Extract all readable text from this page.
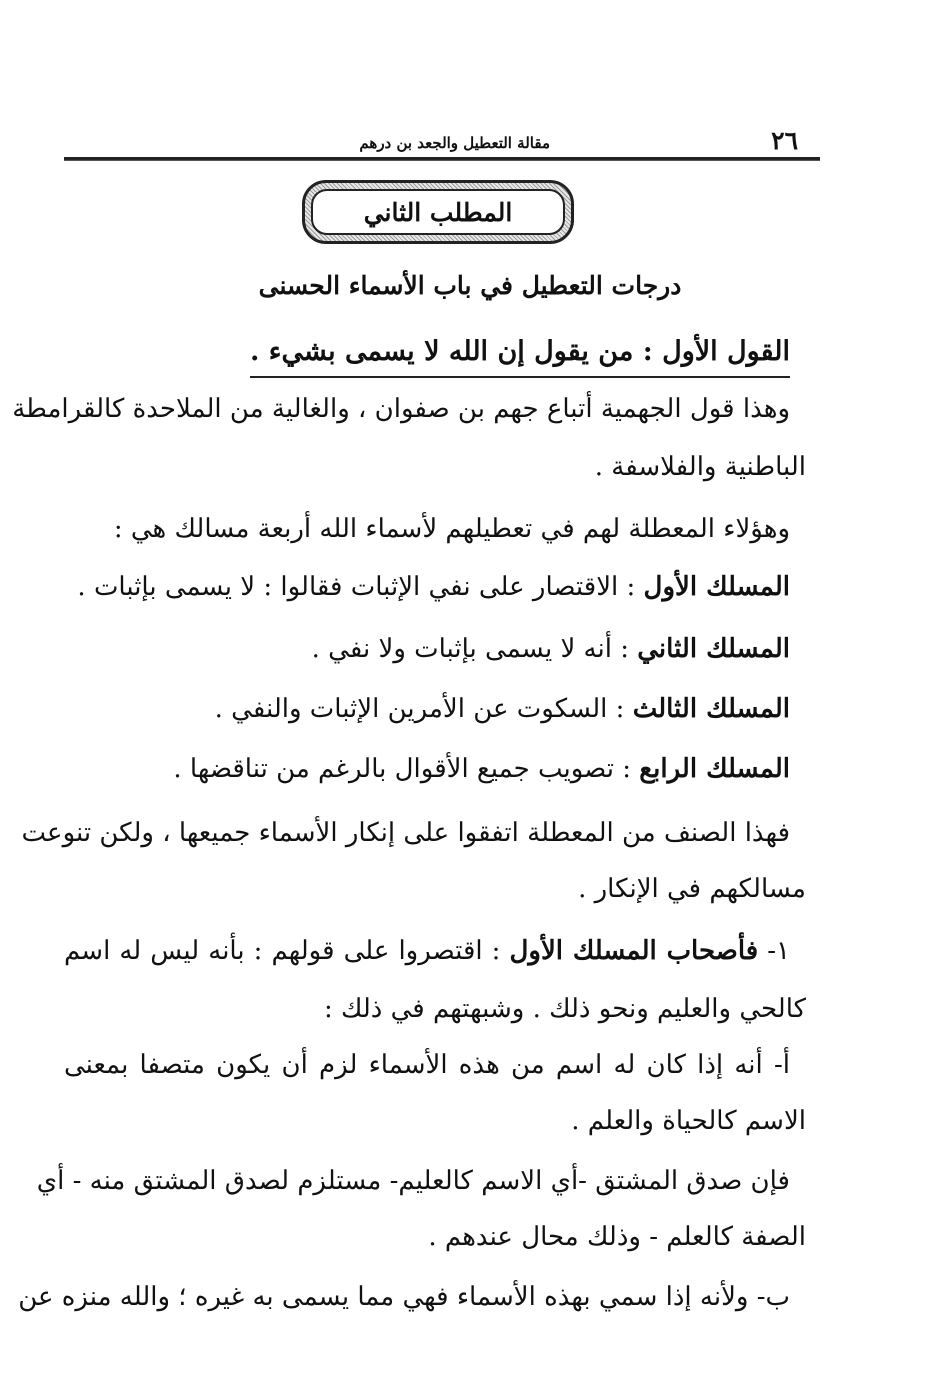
٢٦
مقالة التعطيل والجعد بن درهم
المطلب الثاني
درجات التعطيل في باب الأسماء الحسنى
القول الأول : من يقول إن الله لا يسمى بشيء .
وهذا قول الجهمية أتباع جهم بن صفوان ، والغالية من الملاحدة كالقرامطة
الباطنية والفلاسفة .
وهؤلاء المعطلة لهم في تعطيلهم لأسماء الله أربعة مسالك هي :
المسلك الأول : الاقتصار على نفي الإثبات فقالوا : لا يسمى بإثبات .
المسلك الثاني : أنه لا يسمى بإثبات ولا نفي .
المسلك الثالث : السكوت عن الأمرين الإثبات والنفي .
المسلك الرابع : تصويب جميع الأقوال بالرغم من تناقضها .
فهذا الصنف من المعطلة اتفقوا على إنكار الأسماء جميعها ، ولكن تنوعت
مسالكهم في الإنكار .
١- فأصحاب المسلك الأول : اقتصروا على قولهم : بأنه ليس له اسم
كالحي والعليم ونحو ذلك . وشبهتهم في ذلك :
أ- أنه إذا كان له اسم من هذه الأسماء لزم أن يكون متصفا بمعنى
الاسم كالحياة والعلم .
فإن صدق المشتق -أي الاسم كالعليم- مستلزم لصدق المشتق منه - أي
الصفة كالعلم - وذلك محال عندهم .
ب- ولأنه إذا سمي بهذه الأسماء فهي مما يسمى به غيره ؛ والله منزه عن
